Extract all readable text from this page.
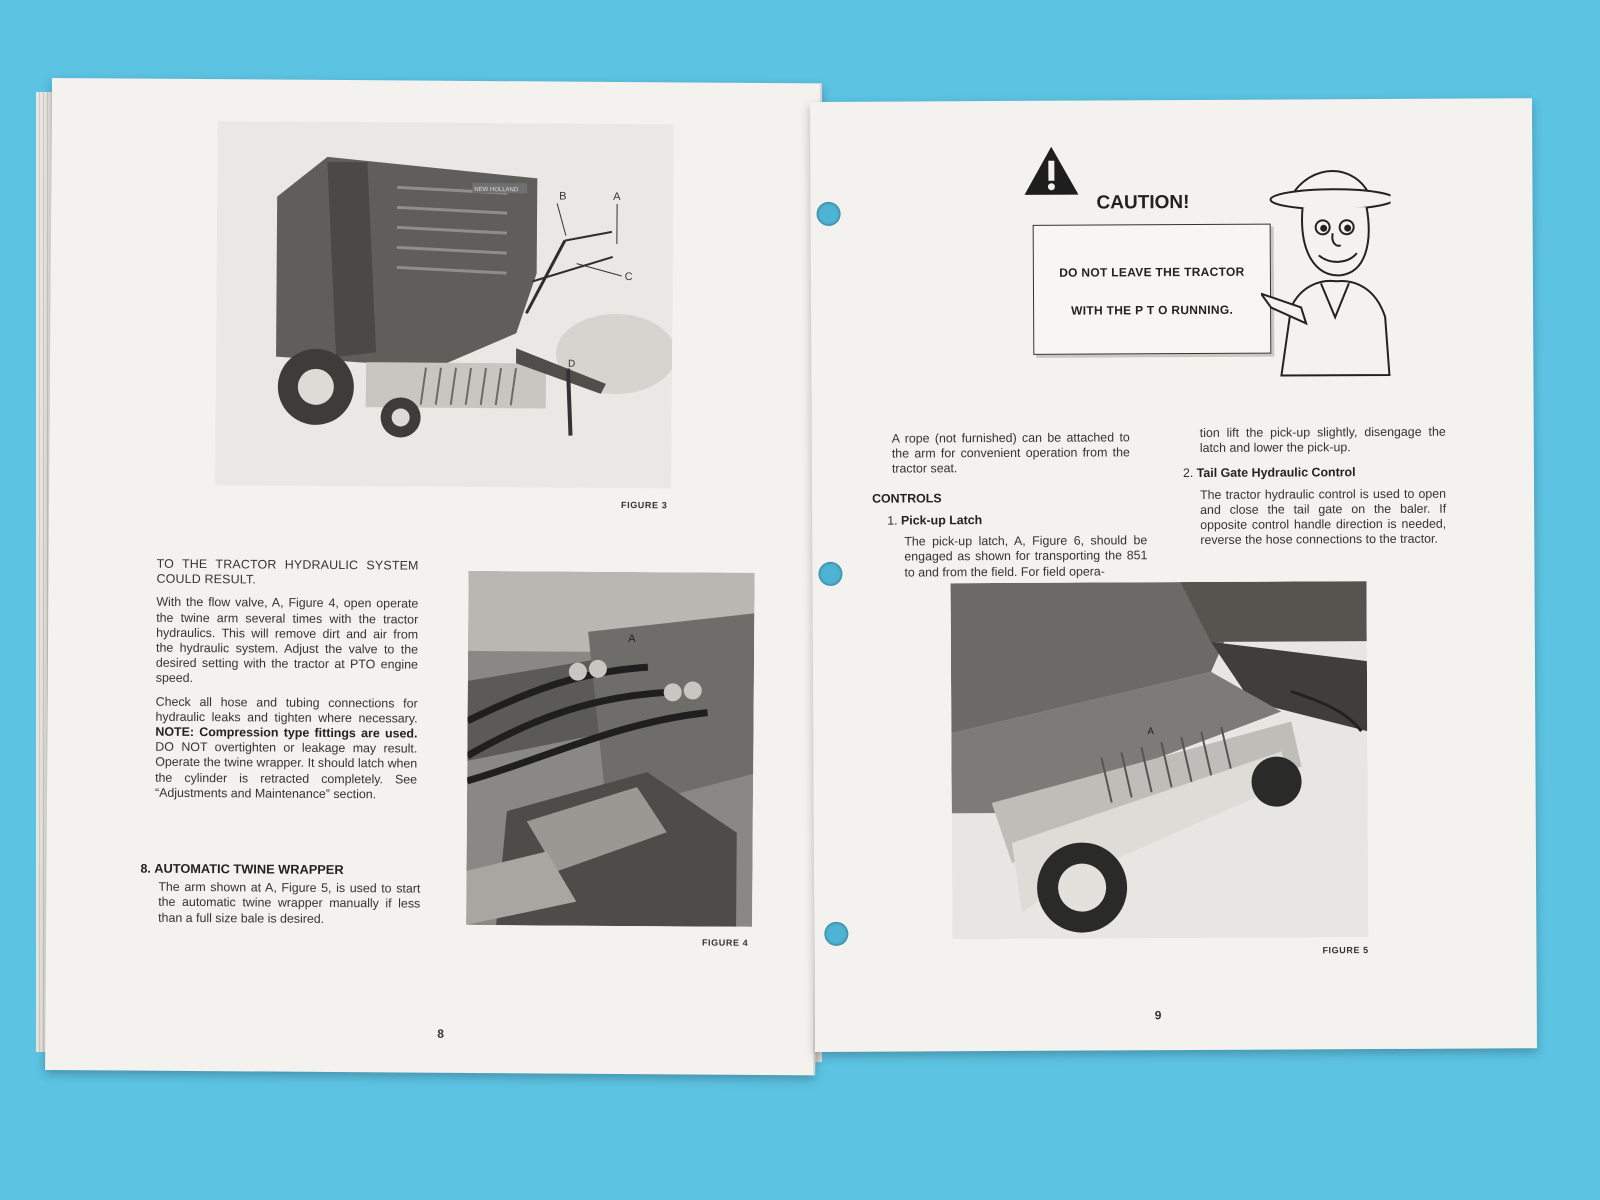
NEW HOLLAND
B	A
C
D
FIGURE 3

TO THE TRACTOR HYDRAULIC SYSTEM COULD RESULT.

With the flow valve, A, Figure 4, open operate the twine arm several times with the tractor hydraulics. This will remove dirt and air from the hydraulic system. Adjust the valve to the desired setting with the tractor at PTO engine speed.

Check all hose and tubing connections for hydraulic leaks and tighten where necessary. NOTE: Compression type fittings are used. DO NOT overtighten or leakage may result. Operate the twine wrapper. It should latch when the cylinder is retracted completely. See “Adjustments and Maintenance” section.

8. AUTOMATIC TWINE WRAPPER

The arm shown at A, Figure 5, is used to start the automatic twine wrapper manually if less than a full size bale is desired.

A
FIGURE 4
8
CAUTION!
DO NOT LEAVE THE TRACTOR
WITH THE P T O RUNNING.

A rope (not furnished) can be attached to the arm for convenient operation from the tractor seat.

CONTROLS
1. Pick-up Latch

The pick-up latch, A, Figure 6, should be engaged as shown for transporting the 851 to and from the field. For field opera-

tion lift the pick-up slightly, disengage the latch and lower the pick-up.

2. Tail Gate Hydraulic Control

The tractor hydraulic control is used to open and close the tail gate on the baler. If opposite control handle direction is needed, reverse the hose connections to the tractor.

A
FIGURE 5
9
